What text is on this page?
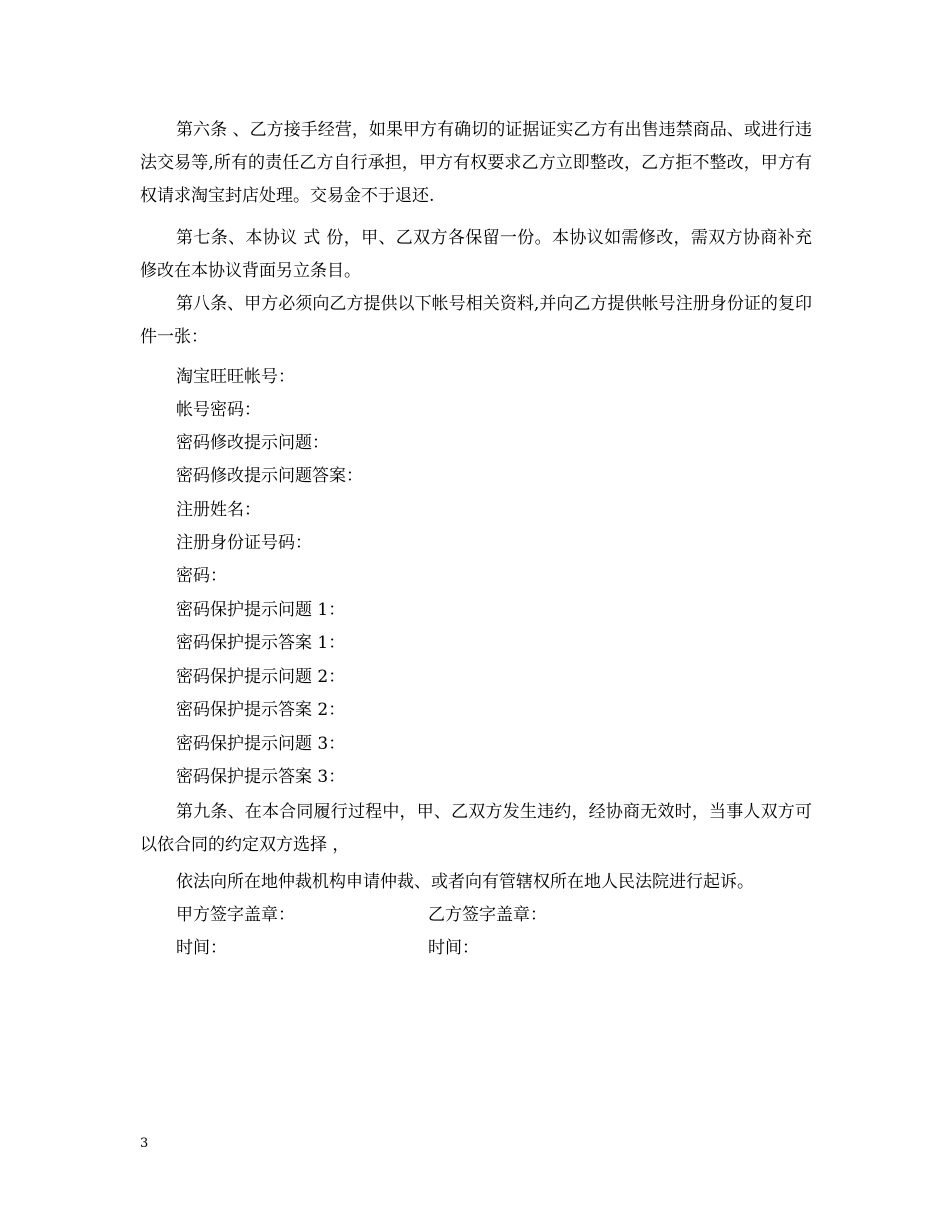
第六条 、乙方接手经营，如果甲方有确切的证据证实乙方有出售违禁商品、或进行违法交易等,所有的责任乙方自行承担，甲方有权要求乙方立即整改，乙方拒不整改，甲方有权请求淘宝封店处理。交易金不于退还.

第七条、本协议 式 份，甲、乙双方各保留一份。本协议如需修改，需双方协商补充修改在本协议背面另立条目。

第八条、甲方必须向乙方提供以下帐号相关资料,并向乙方提供帐号注册身份证的复印件一张：

淘宝旺旺帐号：
帐号密码：
密码修改提示问题：
密码修改提示问题答案：
注册姓名：
注册身份证号码：
密码：
密码保护提示问题 1：
密码保护提示答案 1：
密码保护提示问题 2：
密码保护提示答案 2：
密码保护提示问题 3：
密码保护提示答案 3：

第九条、在本合同履行过程中，甲、乙双方发生违约，经协商无效时，当事人双方可以依合同的约定双方选择 ，

依法向所在地仲裁机构申请仲裁、或者向有管辖权所在地人民法院进行起诉。
甲方签字盖章：	乙方签字盖章：
时间：	时间：
3
